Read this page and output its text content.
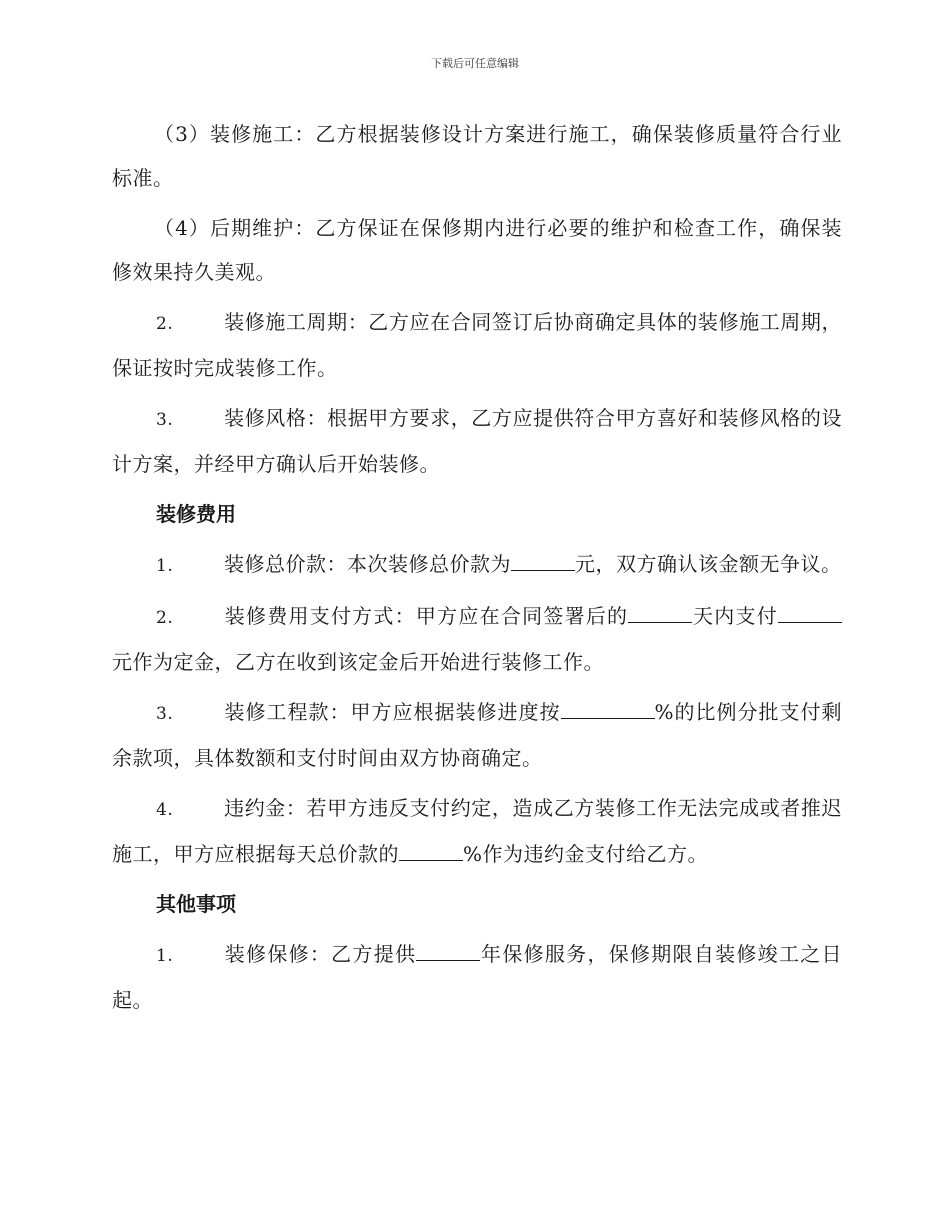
下载后可任意编辑

（3）装修施工：乙方根据装修设计方案进行施工，确保装修质量符合行业标准。

（4）后期维护：乙方保证在保修期内进行必要的维护和检查工作，确保装修效果持久美观。

2.	装修施工周期：乙方应在合同签订后协商确定具体的装修施工周期，保证按时完成装修工作。

3.	装修风格：根据甲方要求，乙方应提供符合甲方喜好和装修风格的设计方案，并经甲方确认后开始装修。

装修费用

1.	装修总价款：本次装修总价款为	元，双方确认该金额无争议。

2.	装修费用支付方式：甲方应在合同签署后的	天内支付元作为定金，乙方在收到该定金后开始进行装修工作。

3.	装修工程款：甲方应根据装修进度按	%的比例分批支付剩余款项，具体数额和支付时间由双方协商确定。

4.	违约金：若甲方违反支付约定，造成乙方装修工作无法完成或者推迟施工，甲方应根据每天总价款的	%作为违约金支付给乙方。

其他事项

1.	装修保修：乙方提供	年保修服务，保修期限自装修竣工之日起。
